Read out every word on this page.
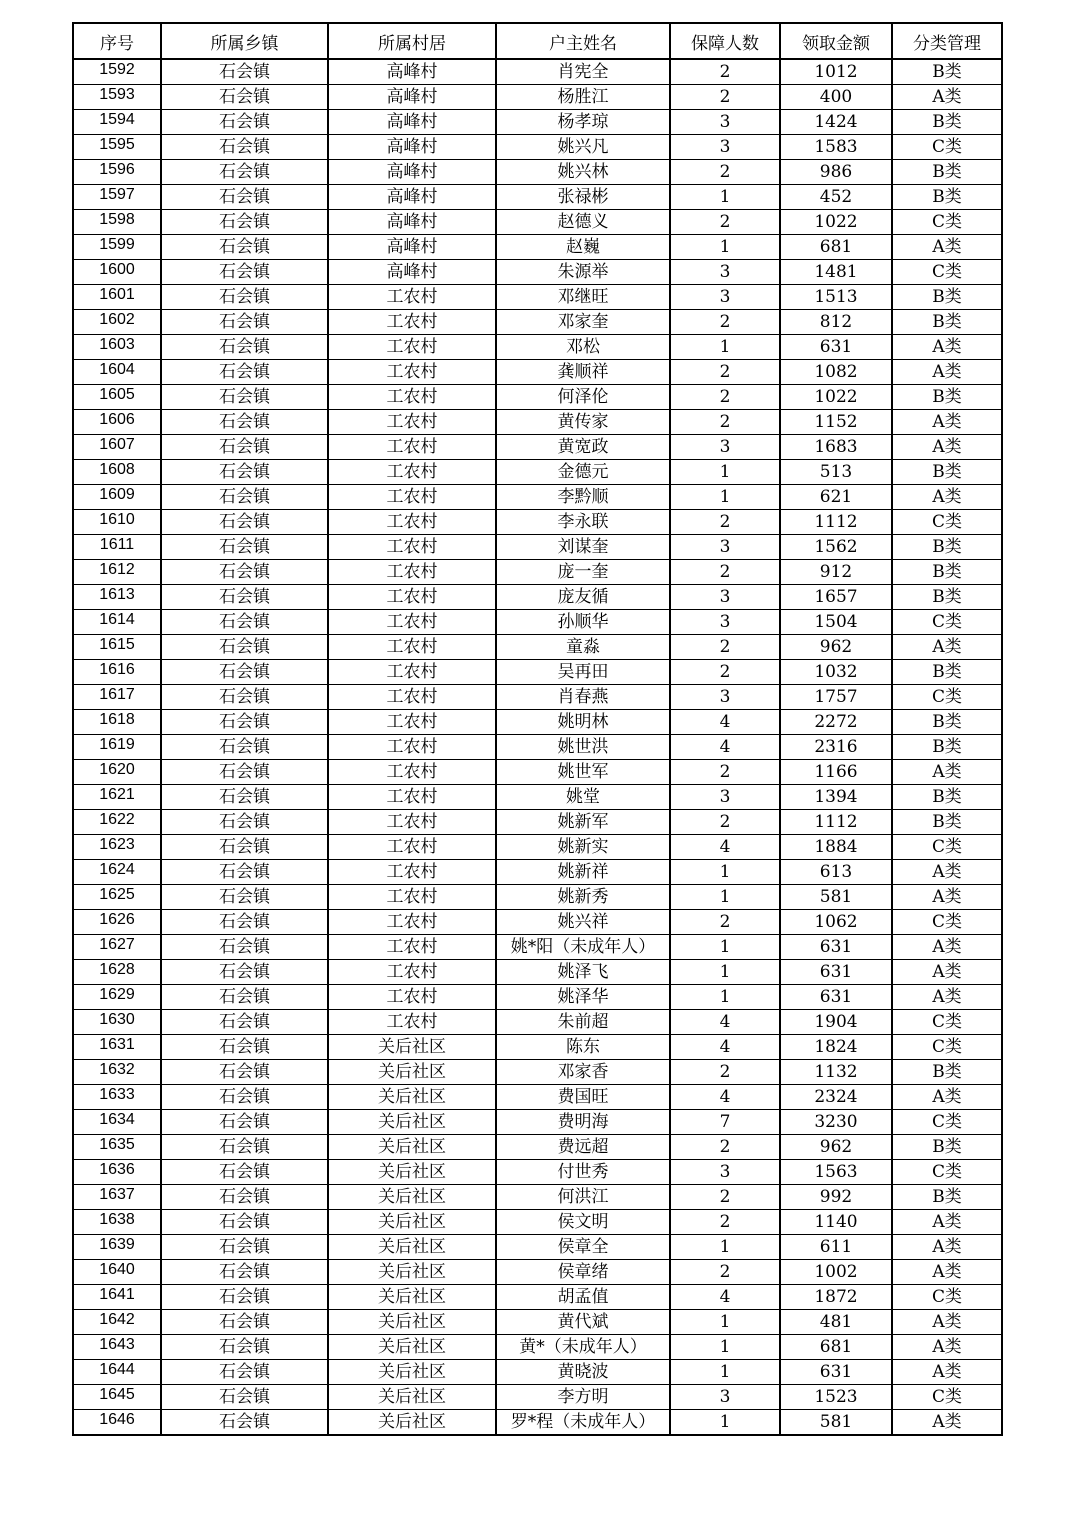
序号	所属乡镇	所属村居	户主姓名	保障人数	领取金额	分类管理
1592	石会镇	高峰村	肖宪全	2	1012	B类
1593	石会镇	高峰村	杨胜江	2	400	A类
1594	石会镇	高峰村	杨孝琼	3	1424	B类
1595	石会镇	高峰村	姚兴凡	3	1583	C类
1596	石会镇	高峰村	姚兴林	2	986	B类
1597	石会镇	高峰村	张禄彬	1	452	B类
1598	石会镇	高峰村	赵德义	2	1022	C类
1599	石会镇	高峰村	赵巍	1	681	A类
1600	石会镇	高峰村	朱源举	3	1481	C类
1601	石会镇	工农村	邓继旺	3	1513	B类
1602	石会镇	工农村	邓家奎	2	812	B类
1603	石会镇	工农村	邓松	1	631	A类
1604	石会镇	工农村	龚顺祥	2	1082	A类
1605	石会镇	工农村	何泽伦	2	1022	B类
1606	石会镇	工农村	黄传家	2	1152	A类
1607	石会镇	工农村	黄宽政	3	1683	A类
1608	石会镇	工农村	金德元	1	513	B类
1609	石会镇	工农村	李黔顺	1	621	A类
1610	石会镇	工农村	李永联	2	1112	C类
1611	石会镇	工农村	刘谋奎	3	1562	B类
1612	石会镇	工农村	庞一奎	2	912	B类
1613	石会镇	工农村	庞友循	3	1657	B类
1614	石会镇	工农村	孙顺华	3	1504	C类
1615	石会镇	工农村	童淼	2	962	A类
1616	石会镇	工农村	吴再田	2	1032	B类
1617	石会镇	工农村	肖春燕	3	1757	C类
1618	石会镇	工农村	姚明林	4	2272	B类
1619	石会镇	工农村	姚世洪	4	2316	B类
1620	石会镇	工农村	姚世军	2	1166	A类
1621	石会镇	工农村	姚堂	3	1394	B类
1622	石会镇	工农村	姚新军	2	1112	B类
1623	石会镇	工农村	姚新实	4	1884	C类
1624	石会镇	工农村	姚新祥	1	613	A类
1625	石会镇	工农村	姚新秀	1	581	A类
1626	石会镇	工农村	姚兴祥	2	1062	C类
1627	石会镇	工农村	姚*阳（未成年人）	1	631	A类
1628	石会镇	工农村	姚泽飞	1	631	A类
1629	石会镇	工农村	姚泽华	1	631	A类
1630	石会镇	工农村	朱前超	4	1904	C类
1631	石会镇	关后社区	陈东	4	1824	C类
1632	石会镇	关后社区	邓家香	2	1132	B类
1633	石会镇	关后社区	费国旺	4	2324	A类
1634	石会镇	关后社区	费明海	7	3230	C类
1635	石会镇	关后社区	费远超	2	962	B类
1636	石会镇	关后社区	付世秀	3	1563	C类
1637	石会镇	关后社区	何洪江	2	992	B类
1638	石会镇	关后社区	侯文明	2	1140	A类
1639	石会镇	关后社区	侯章全	1	611	A类
1640	石会镇	关后社区	侯章绪	2	1002	A类
1641	石会镇	关后社区	胡孟值	4	1872	C类
1642	石会镇	关后社区	黄代斌	1	481	A类
1643	石会镇	关后社区	黄*（未成年人）	1	681	A类
1644	石会镇	关后社区	黄晓波	1	631	A类
1645	石会镇	关后社区	李方明	3	1523	C类
1646	石会镇	关后社区	罗*程（未成年人）	1	581	A类
